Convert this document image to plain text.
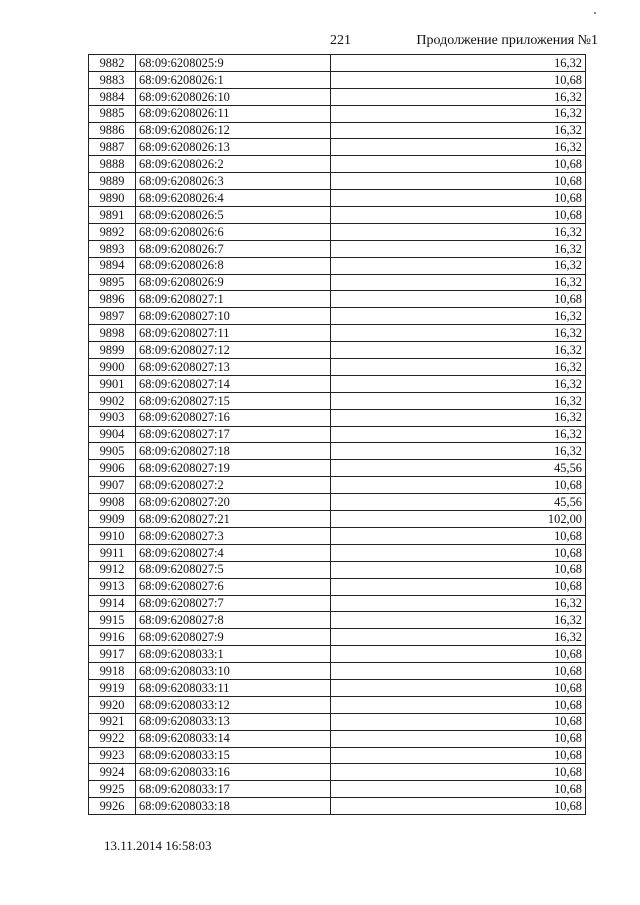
221	Продолжение приложения №1
9882	68:09:6208025:9	16,32
9883	68:09:6208026:1	10,68
9884	68:09:6208026:10	16,32
9885	68:09:6208026:11	16,32
9886	68:09:6208026:12	16,32
9887	68:09:6208026:13	16,32
9888	68:09:6208026:2	10,68
9889	68:09:6208026:3	10,68
9890	68:09:6208026:4	10,68
9891	68:09:6208026:5	10,68
9892	68:09:6208026:6	16,32
9893	68:09:6208026:7	16,32
9894	68:09:6208026:8	16,32
9895	68:09:6208026:9	16,32
9896	68:09:6208027:1	10,68
9897	68:09:6208027:10	16,32
9898	68:09:6208027:11	16,32
9899	68:09:6208027:12	16,32
9900	68:09:6208027:13	16,32
9901	68:09:6208027:14	16,32
9902	68:09:6208027:15	16,32
9903	68:09:6208027:16	16,32
9904	68:09:6208027:17	16,32
9905	68:09:6208027:18	16,32
9906	68:09:6208027:19	45,56
9907	68:09:6208027:2	10,68
9908	68:09:6208027:20	45,56
9909	68:09:6208027:21	102,00
9910	68:09:6208027:3	10,68
9911	68:09:6208027:4	10,68
9912	68:09:6208027:5	10,68
9913	68:09:6208027:6	10,68
9914	68:09:6208027:7	16,32
9915	68:09:6208027:8	16,32
9916	68:09:6208027:9	16,32
9917	68:09:6208033:1	10,68
9918	68:09:6208033:10	10,68
9919	68:09:6208033:11	10,68
9920	68:09:6208033:12	10,68
9921	68:09:6208033:13	10,68
9922	68:09:6208033:14	10,68
9923	68:09:6208033:15	10,68
9924	68:09:6208033:16	10,68
9925	68:09:6208033:17	10,68
9926	68:09:6208033:18	10,68
13.11.2014 16:58:03
